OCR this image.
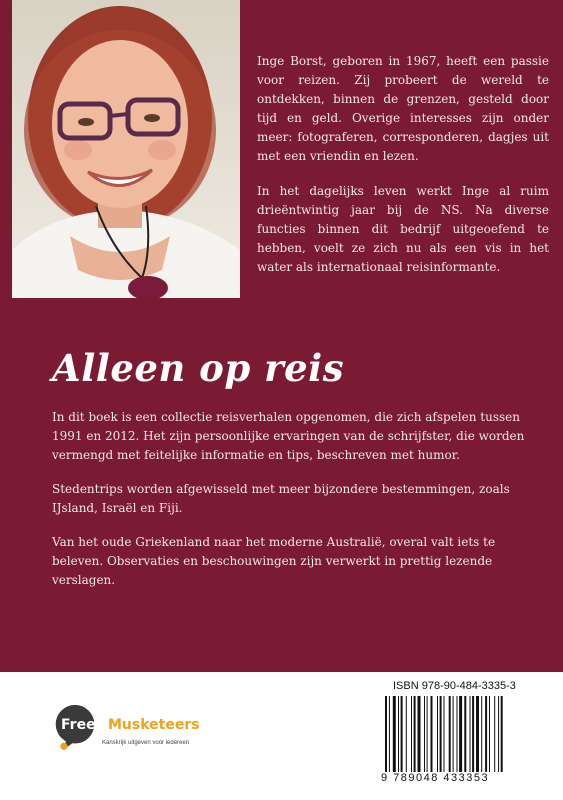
Inge Borst, geboren in 1967, heeft een passie voor reizen. Zij probeert de wereld te ontdekken, binnen de grenzen, gesteld door tijd en geld. Overige interesses zijn onder meer: fotograferen, corresponderen, dagjes uit met een vriendin en lezen.

In het dagelijks leven werkt Inge al ruim drieëntwintig jaar bij de NS. Na diverse functies binnen dit bedrijf uitgeoefend te hebben, voelt ze zich nu als een vis in het water als internationaal reisinformante.

Alleen op reis

In dit boek is een collectie reisverhalen opgenomen, die zich afspelen tussen 1991 en 2012. Het zijn persoonlijke ervaringen van de schrijfster, die worden vermengd met feitelijke informatie en tips, beschreven met humor.

Stedentrips worden afgewisseld met meer bijzondere bestemmingen, zoals IJsland, Israël en Fiji.

Van het oude Griekenland naar het moderne Australië, overal valt iets te beleven. Observaties en beschouwingen zijn verwerkt in prettig lezende verslagen.

Free Musketeers
Kanskrijk uitgeven voor iedereen

ISBN 978-90-484-3335-3

9 789048 433353
